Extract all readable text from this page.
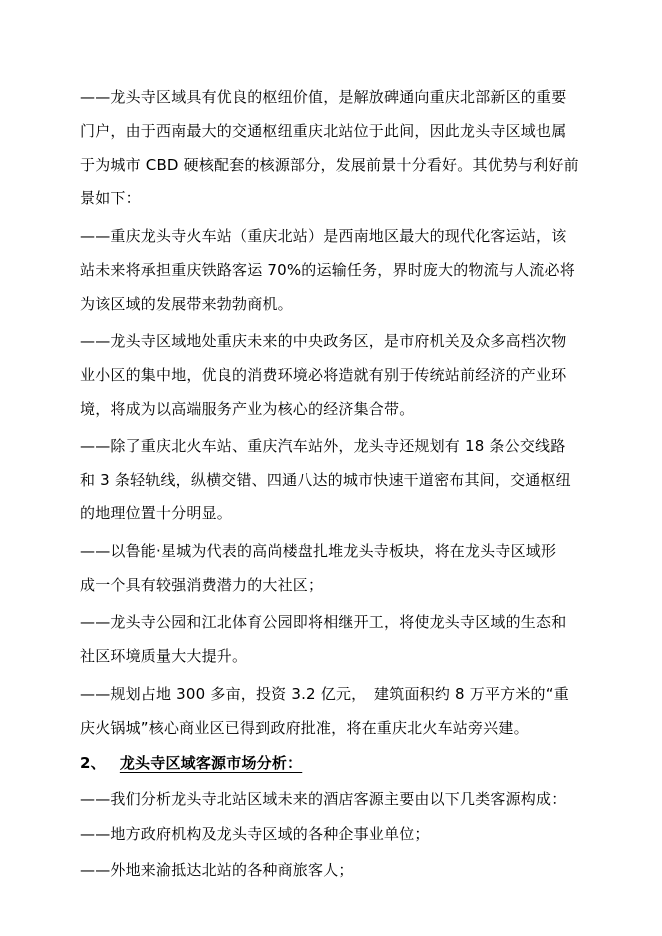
——龙头寺区域具有优良的枢纽价值，是解放碑通向重庆北部新区的重要
门户，由于西南最大的交通枢纽重庆北站位于此间，因此龙头寺区域也属
于为城市 CBD 硬核配套的核源部分，发展前景十分看好。其优势与利好前
景如下：
——重庆龙头寺火车站（重庆北站）是西南地区最大的现代化客运站，该
站未来将承担重庆铁路客运 70%的运输任务，界时庞大的物流与人流必将
为该区域的发展带来勃勃商机。
——龙头寺区域地处重庆未来的中央政务区，是市府机关及众多高档次物
业小区的集中地，优良的消费环境必将造就有别于传统站前经济的产业环
境，将成为以高端服务产业为核心的经济集合带。
——除了重庆北火车站、重庆汽车站外，龙头寺还规划有 18 条公交线路
和 3 条轻轨线，纵横交错、四通八达的城市快速干道密布其间，交通枢纽
的地理位置十分明显。
——以鲁能·星城为代表的高尚楼盘扎堆龙头寺板块，将在龙头寺区域形
成一个具有较强消费潜力的大社区；
——龙头寺公园和江北体育公园即将相继开工，将使龙头寺区域的生态和
社区环境质量大大提升。
——规划占地 300 多亩，投资 3.2 亿元，　建筑面积约 8 万平方米的“重
庆火锅城”核心商业区已得到政府批准，将在重庆北火车站旁兴建。
2、 龙头寺区域客源市场分析：
——我们分析龙头寺北站区域未来的酒店客源主要由以下几类客源构成：
——地方政府机构及龙头寺区域的各种企事业单位；
——外地来渝抵达北站的各种商旅客人；
